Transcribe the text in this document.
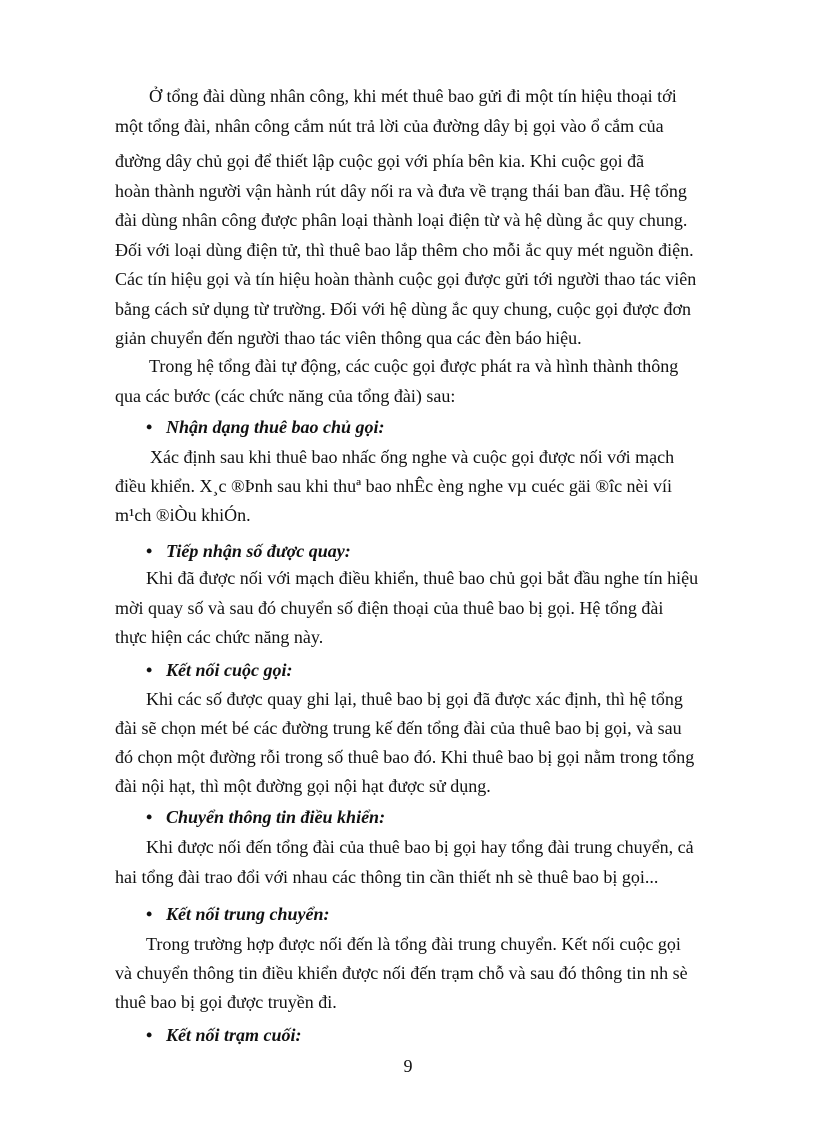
Ở tổng đài dùng nhân công, khi mét thuê bao gửi đi một tín hiệu thoại tới
một tổng đài, nhân công cắm nút trả lời của đường dây bị gọi vào ổ cắm của
đường dây chủ gọi để thiết lập cuộc gọi với phía bên kia. Khi cuộc gọi đã
hoàn thành người vận hành rút dây nối ra và đưa về trạng thái ban đầu. Hệ tổng
đài dùng nhân công được phân loại thành loại điện từ và hệ dùng ắc quy chung.
Đối với loại dùng điện tử, thì thuê bao lắp thêm cho mỗi ắc quy mét nguồn điện.
Các tín hiệu gọi và tín hiệu hoàn thành cuộc gọi được gửi tới người thao tác viên
bằng cách sử dụng từ trường. Đối với hệ dùng ắc quy chung, cuộc gọi được đơn
giản chuyển đến người thao tác viên thông qua các đèn báo hiệu.
Trong hệ tổng đài tự động, các cuộc gọi được phát ra và hình thành thông
qua các bước (các chức năng của tổng đài) sau:
• Nhận dạng thuê bao chủ gọi:
Xác định sau khi thuê bao nhấc ống nghe và cuộc gọi được nối với mạch
điều khiển. X¸c ®Þnh sau khi thuª bao nhÊc èng nghe vµ cuéc gäi ®îc nèi víi
m¹ch ®iÒu khiÓn.
• Tiếp nhận số được quay:
Khi đã được nối với mạch điều khiển, thuê bao chủ gọi bắt đầu nghe tín hiệu
mời quay số và sau đó chuyển số điện thoại của thuê bao bị gọi. Hệ tổng đài
thực hiện các chức năng này.
• Kết nối cuộc gọi:
Khi các số được quay ghi lại, thuê bao bị gọi đã được xác định, thì hệ tổng
đài sẽ chọn mét bé các đường trung kế đến tổng đài của thuê bao bị gọi, và sau
đó chọn một đường rỗi trong số thuê bao đó. Khi thuê bao bị gọi nằm trong tổng
đài nội hạt, thì một đường gọi nội hạt được sử dụng.
• Chuyển thông tin điều khiển:
Khi được nối đến tổng đài của thuê bao bị gọi hay tổng đài trung chuyển, cả
hai tổng đài trao đổi với nhau các thông tin cần thiết nh sè thuê bao bị gọi...
• Kết nối trung chuyển:
Trong trường hợp được nối đến là tổng đài trung chuyển. Kết nối cuộc gọi
và chuyển thông tin điều khiển được nối đến trạm chỗ và sau đó thông tin nh sè
thuê bao bị gọi được truyền đi.
• Kết nối trạm cuối:
9
